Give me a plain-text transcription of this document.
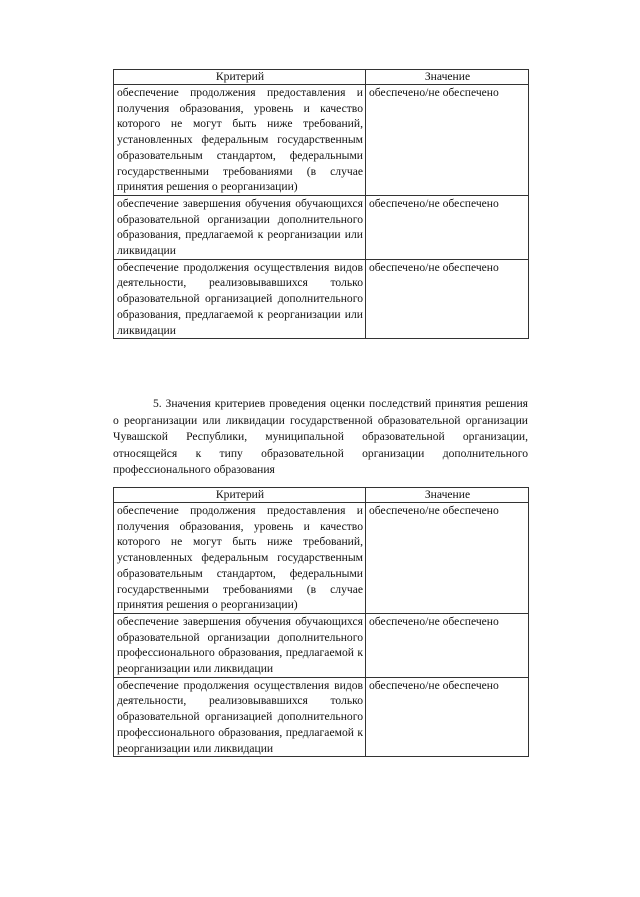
Критерий	Значение
обеспечение продолжения предоставления и получения образования, уровень и качество которого не могут быть ниже требований, установленных федеральным государственным образовательным стандартом, федеральными государственными требованиями (в случае принятия решения о реорганизации)	обеспечено/не обеспечено
обеспечение завершения обучения обучающихся образовательной организации дополнительного образования, предлагаемой к реорганизации или ликвидации	обеспечено/не обеспечено
обеспечение продолжения осуществления видов деятельности, реализовывавшихся только образовательной организацией дополнительного образования, предлагаемой к реорганизации или ликвидации	обеспечено/не обеспечено

5. Значения критериев проведения оценки последствий принятия решения о реорганизации или ликвидации государственной образовательной организации Чувашской Республики, муниципальной образовательной организации, относящейся к типу образовательной организации дополнительного профессионального образования

Критерий	Значение
обеспечение продолжения предоставления и получения образования, уровень и качество которого не могут быть ниже требований, установленных федеральным государственным образовательным стандартом, федеральными государственными требованиями (в случае принятия решения о реорганизации)	обеспечено/не обеспечено
обеспечение завершения обучения обучающихся образовательной организации дополнительного профессионального образования, предлагаемой к реорганизации или ликвидации	обеспечено/не обеспечено
обеспечение продолжения осуществления видов деятельности, реализовывавшихся только образовательной организацией дополнительного профессионального образования, предлагаемой к реорганизации или ликвидации	обеспечено/не обеспечено
